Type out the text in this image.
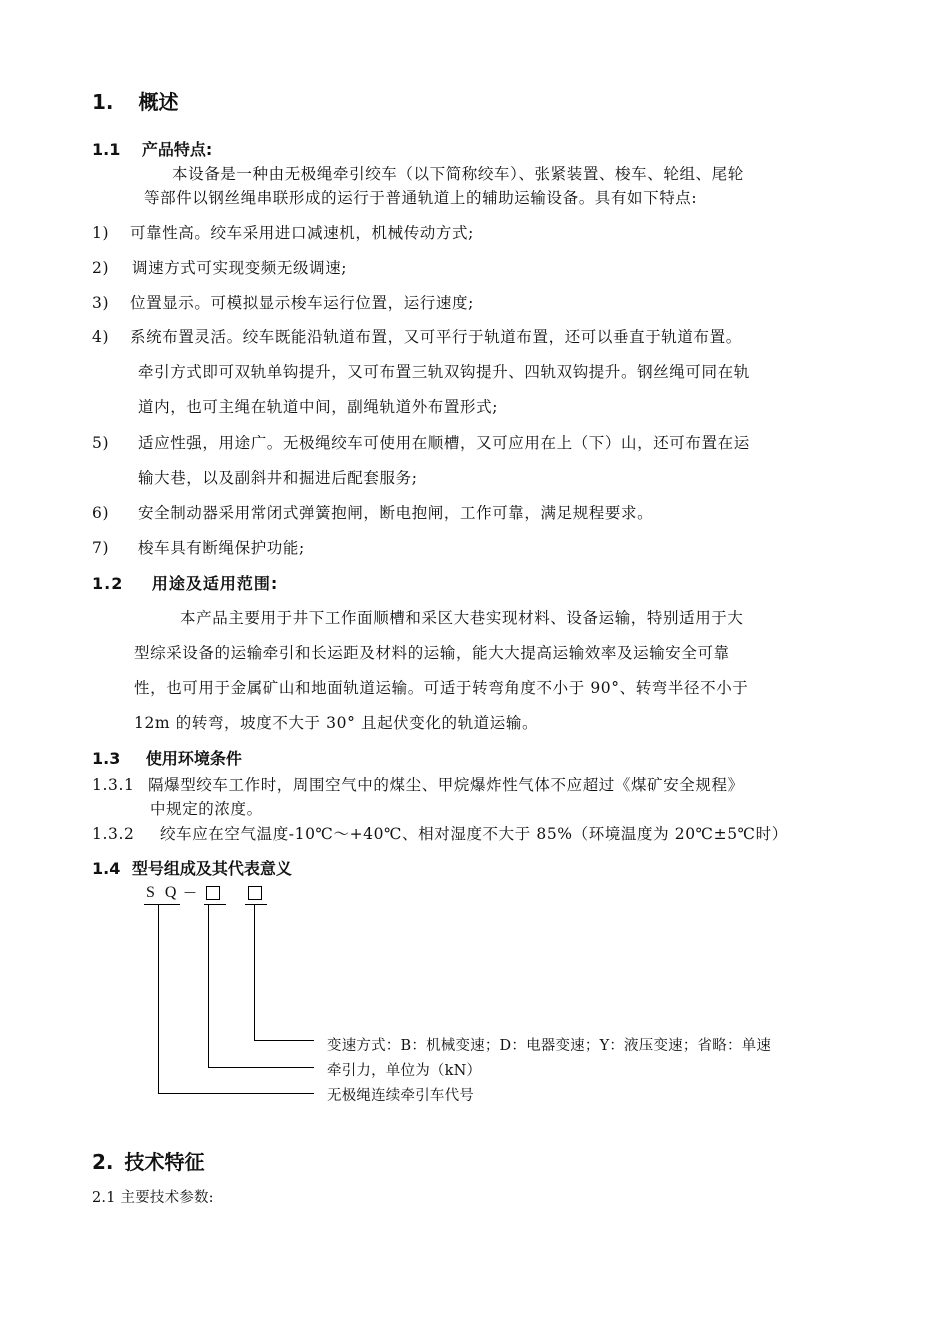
1. 概述
1.1 产品特点:
本设备是一种由无极绳牵引绞车（以下简称绞车）、张紧装置、梭车、轮组、尾轮
等部件以钢丝绳串联形成的运行于普通轨道上的辅助运输设备。具有如下特点:
1) 可靠性高。绞车采用进口减速机，机械传动方式;
2) 调速方式可实现变频无级调速;
3) 位置显示。可模拟显示梭车运行位置，运行速度;
4) 系统布置灵活。绞车既能沿轨道布置，又可平行于轨道布置，还可以垂直于轨道布置。
牵引方式即可双轨单钩提升，又可布置三轨双钩提升、四轨双钩提升。钢丝绳可同在轨
道内，也可主绳在轨道中间，副绳轨道外布置形式;
5) 适应性强，用途广。无极绳绞车可使用在顺槽，又可应用在上（下）山，还可布置在运
输大巷，以及副斜井和掘进后配套服务;
6) 安全制动器采用常闭式弹簧抱闸，断电抱闸，工作可靠，满足规程要求。
7) 梭车具有断绳保护功能;
1.2 用途及适用范围:
本产品主要用于井下工作面顺槽和采区大巷实现材料、设备运输，特别适用于大
型综采设备的运输牵引和长运距及材料的运输，能大大提高运输效率及运输安全可靠
性，也可用于金属矿山和地面轨道运输。可适于转弯角度不小于 90°、转弯半径不小于
12m 的转弯，坡度不大于 30° 且起伏变化的轨道运输。
1.3 使用环境条件
1.3.1 隔爆型绞车工作时，周围空气中的煤尘、甲烷爆炸性气体不应超过《煤矿安全规程》
中规定的浓度。
1.3.2 绞车应在空气温度-10℃～+40℃、相对湿度不大于 85%（环境温度为 20℃±5℃时）
1.4 型号组成及其代表意义
S Q —
变速方式：B：机械变速；D：电器变速；Y：液压变速；省略：单速
牵引力，单位为（kN）
无极绳连续牵引车代号
2. 技术特征
2.1 主要技术参数:
